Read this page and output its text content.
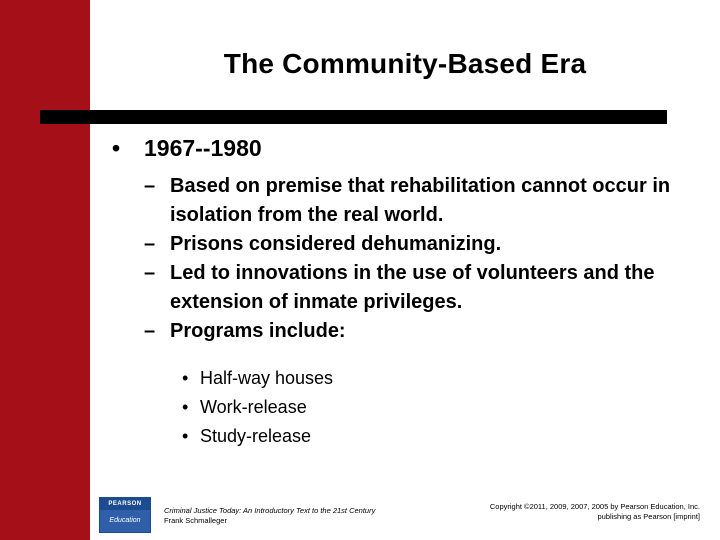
The Community-Based Era
• 1967--1980
– Based on premise that rehabilitation cannot occur in isolation from the real world.
– Prisons considered dehumanizing.
– Led to innovations in the use of volunteers and the extension of inmate privileges.
– Programs include:
• Half-way houses
• Work-release
• Study-release
PEARSON
Education
Criminal Justice Today: An Introductory Text to the 21st Century
Frank Schmalleger
Copyright ©2011, 2009, 2007, 2005 by Pearson Education, Inc.
publishing as Pearson [imprint]
